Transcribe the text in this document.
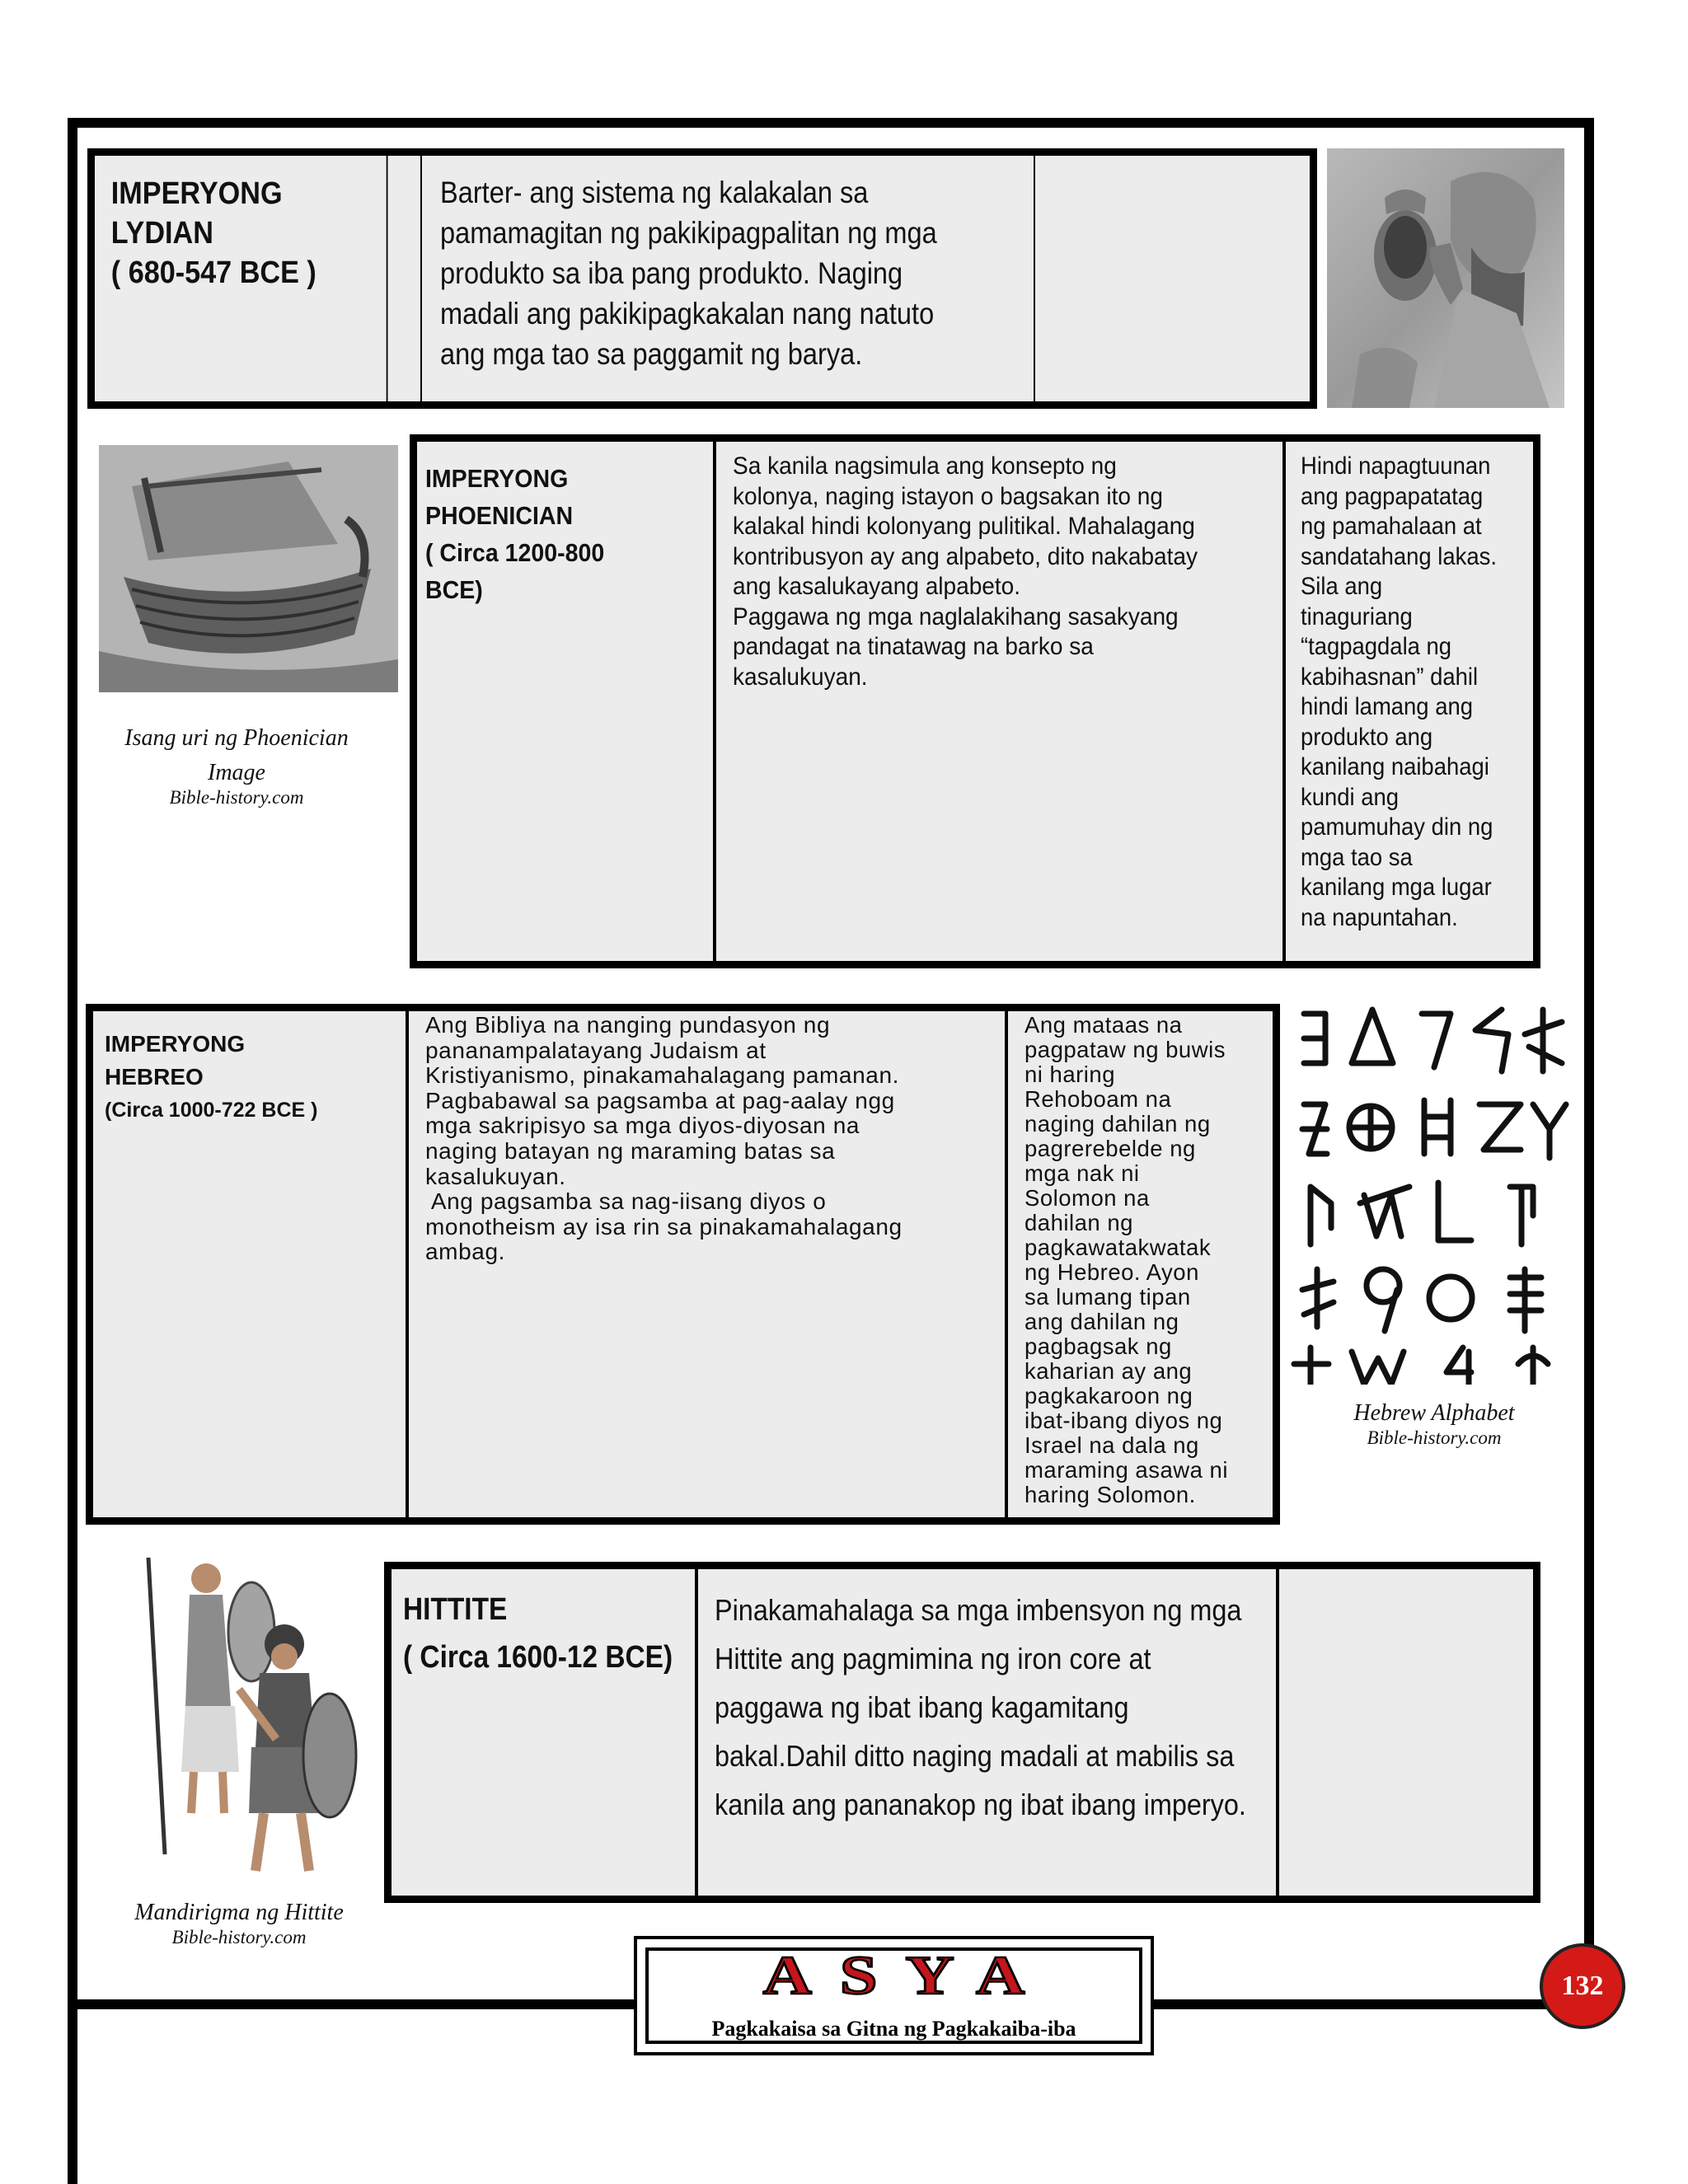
IMPERYONG
LYDIAN
( 680-547 BCE )
Barter- ang sistema ng kalakalan sa
pamamagitan ng pakikipagpalitan ng mga
produkto sa iba pang produkto. Naging
madali ang pakikipagkakalan nang natuto
ang mga tao sa paggamit ng barya.
Isang uri ng Phoenician
Image
Bible-history.com
IMPERYONG
PHOENICIAN
( Circa 1200-800
BCE)
Sa kanila nagsimula ang konsepto ng
kolonya, naging istayon o bagsakan ito ng
kalakal hindi kolonyang pulitikal. Mahalagang
kontribusyon ay ang alpabeto, dito nakabatay
ang kasalukayang alpabeto.
Paggawa ng mga naglalakihang sasakyang
pandagat na tinatawag na barko sa
kasalukuyan.
Hindi napagtuunan
ang pagpapatatag
ng pamahalaan at
sandatahang lakas.
Sila ang
tinaguriang
“tagpagdala ng
kabihasnan” dahil
hindi lamang ang
produkto ang
kanilang naibahagi
kundi ang
pamumuhay din ng
mga tao sa
kanilang mga lugar
na napuntahan.
IMPERYONG
HEBREO
(Circa 1000-722 BCE )
Ang Bibliya na nanging pundasyon ng
pananampalatayang Judaism at
Kristiyanismo, pinakamahalagang pamanan.
Pagbabawal sa pagsamba at pag-aalay ngg
mga sakripisyo sa mga diyos-diyosan na
naging batayan ng maraming batas sa
kasalukuyan.
Ang pagsamba sa nag-iisang diyos o
monotheism ay isa rin sa pinakamahalagang
ambag.
Ang mataas na
pagpataw ng buwis
ni haring
Rehoboam na
naging dahilan ng
pagrerebelde ng
mga nak ni
Solomon na
dahilan ng
pagkawatakwatak
ng Hebreo. Ayon
sa lumang tipan
ang dahilan ng
pagbagsak ng
kaharian ay ang
pagkakaroon ng
ibat-ibang diyos ng
Israel na dala ng
maraming asawa ni
haring Solomon.
Hebrew Alphabet
Bible-history.com
Mandirigma ng Hittite
Bible-history.com
HITTITE
( Circa 1600-12 BCE)
Pinakamahalaga sa mga imbensyon ng mga
Hittite ang pagmimina ng iron core at
paggawa ng ibat ibang kagamitang
bakal.Dahil ditto naging madali at mabilis sa
kanila ang pananakop ng ibat ibang imperyo.
ASYA
Pagkakaisa sa Gitna ng Pagkakaiba-iba
132
